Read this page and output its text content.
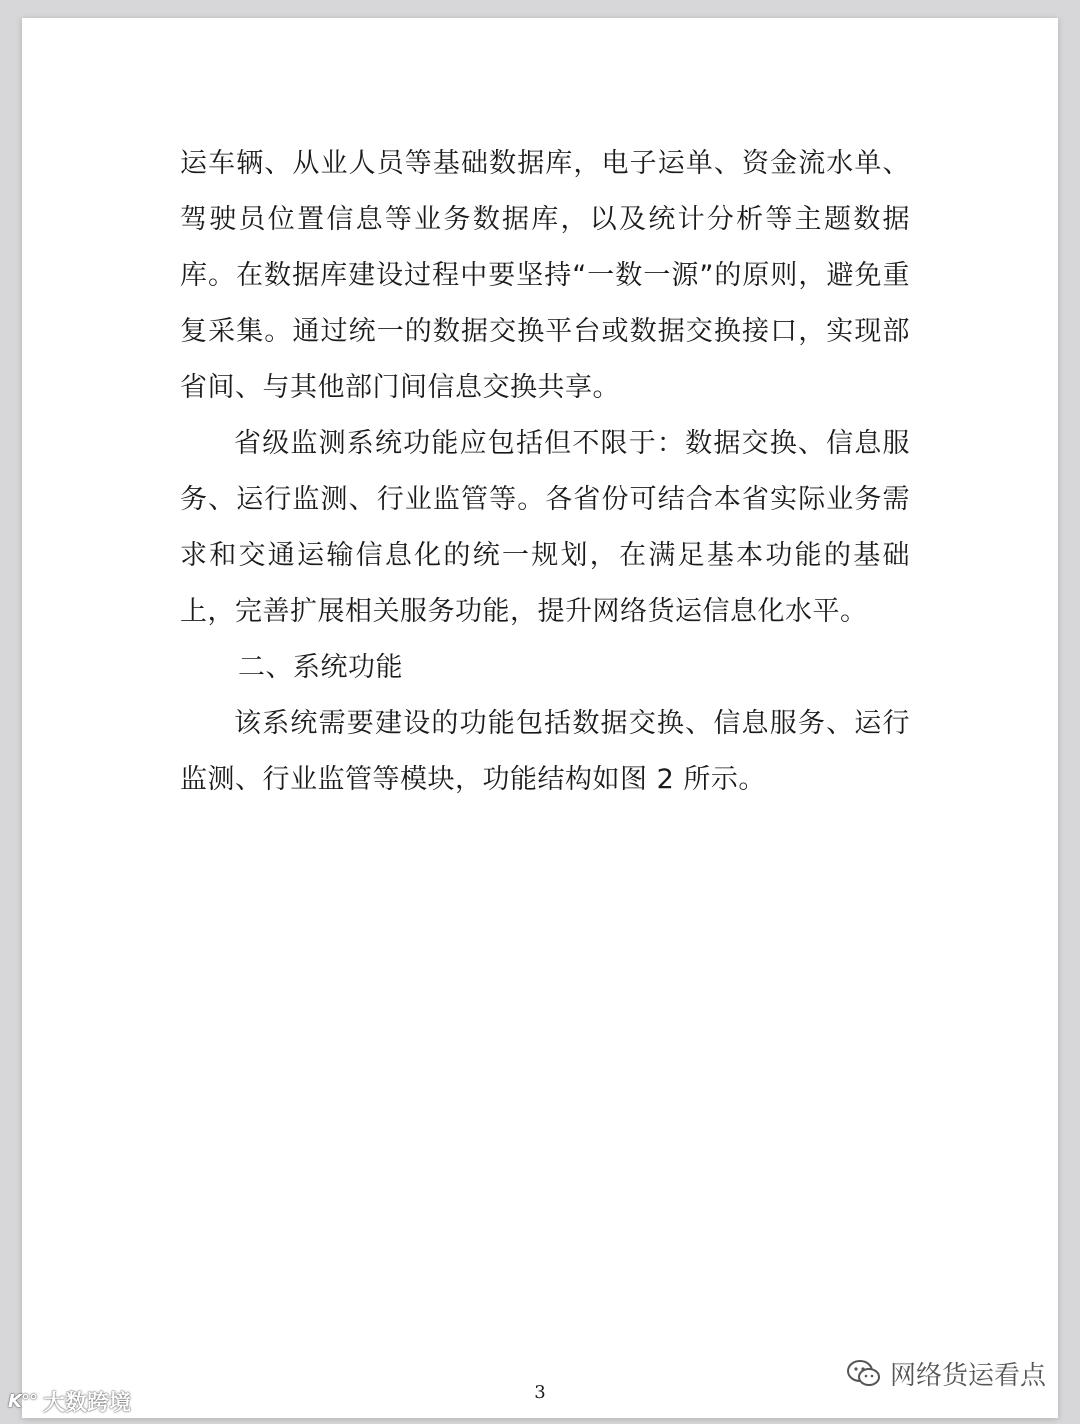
运车辆、从业人员等基础数据库，电子运单、资金流水单、驾驶员位置信息等业务数据库，以及统计分析等主题数据库。在数据库建设过程中要坚持“一数一源”的原则，避免重复采集。通过统一的数据交换平台或数据交换接口，实现部省间、与其他部门间信息交换共享。

省级监测系统功能应包括但不限于：数据交换、信息服务、运行监测、行业监管等。各省份可结合本省实际业务需求和交通运输信息化的统一规划，在满足基本功能的基础上，完善扩展相关服务功能，提升网络货运信息化水平。

二、系统功能

该系统需要建设的功能包括数据交换、信息服务、运行监测、行业监管等模块，功能结构如图 2 所示。

3
K°° 大数跨境
网络货运看点
